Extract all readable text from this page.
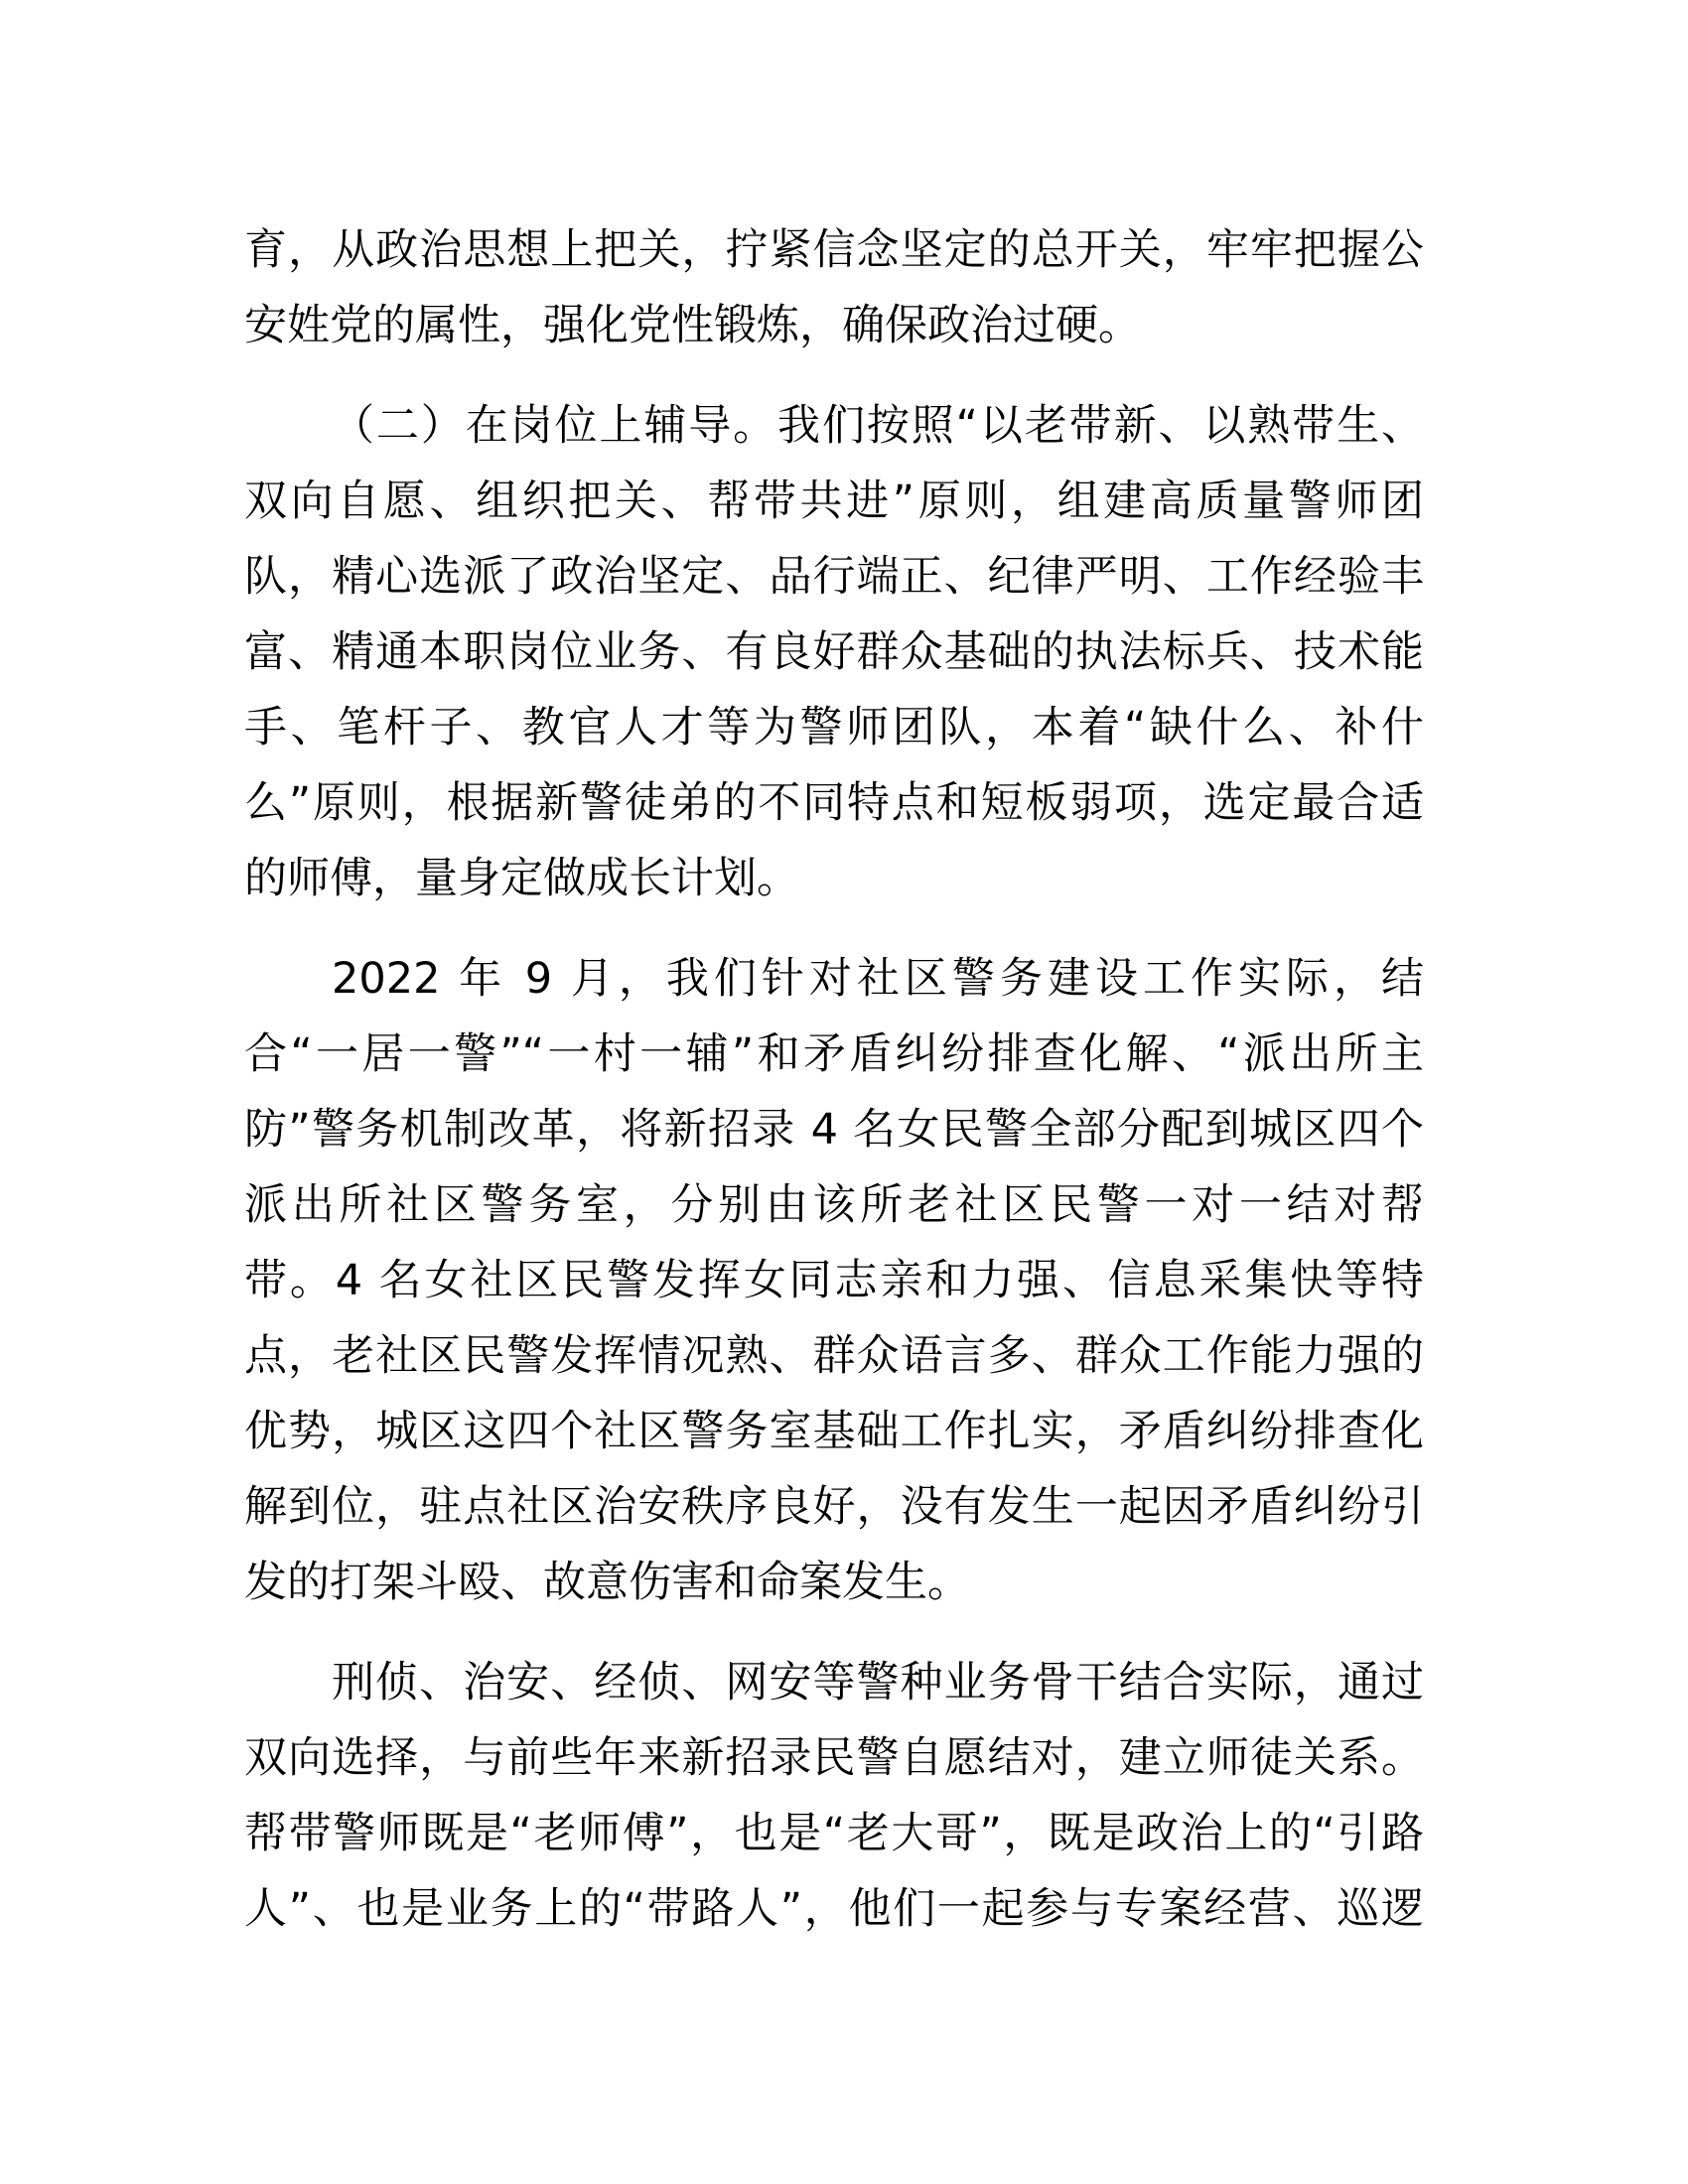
育，从政治思想上把关，拧紧信念坚定的总开关，牢牢把握公
安姓党的属性，强化党性锻炼，确保政治过硬。
（二）在岗位上辅导。我们按照“以老带新、以熟带生、
双向自愿、组织把关、帮带共进”原则，组建高质量警师团
队，精心选派了政治坚定、品行端正、纪律严明、工作经验丰
富、精通本职岗位业务、有良好群众基础的执法标兵、技术能
手、笔杆子、教官人才等为警师团队，本着“缺什么、补什
么”原则，根据新警徒弟的不同特点和短板弱项，选定最合适
的师傅，量身定做成长计划。
2022 年 9 月，我们针对社区警务建设工作实际，结
合“一居一警”“一村一辅”和矛盾纠纷排查化解、“派出所主
防”警务机制改革，将新招录 4 名女民警全部分配到城区四个
派出所社区警务室，分别由该所老社区民警一对一结对帮
带。4 名女社区民警发挥女同志亲和力强、信息采集快等特
点，老社区民警发挥情况熟、群众语言多、群众工作能力强的
优势，城区这四个社区警务室基础工作扎实，矛盾纠纷排查化
解到位，驻点社区治安秩序良好，没有发生一起因矛盾纠纷引
发的打架斗殴、故意伤害和命案发生。
刑侦、治安、经侦、网安等警种业务骨干结合实际，通过
双向选择，与前些年来新招录民警自愿结对，建立师徒关系。
帮带警师既是“老师傅”，也是“老大哥”，既是政治上的“引路
人”、也是业务上的“带路人”，他们一起参与专案经营、巡逻
